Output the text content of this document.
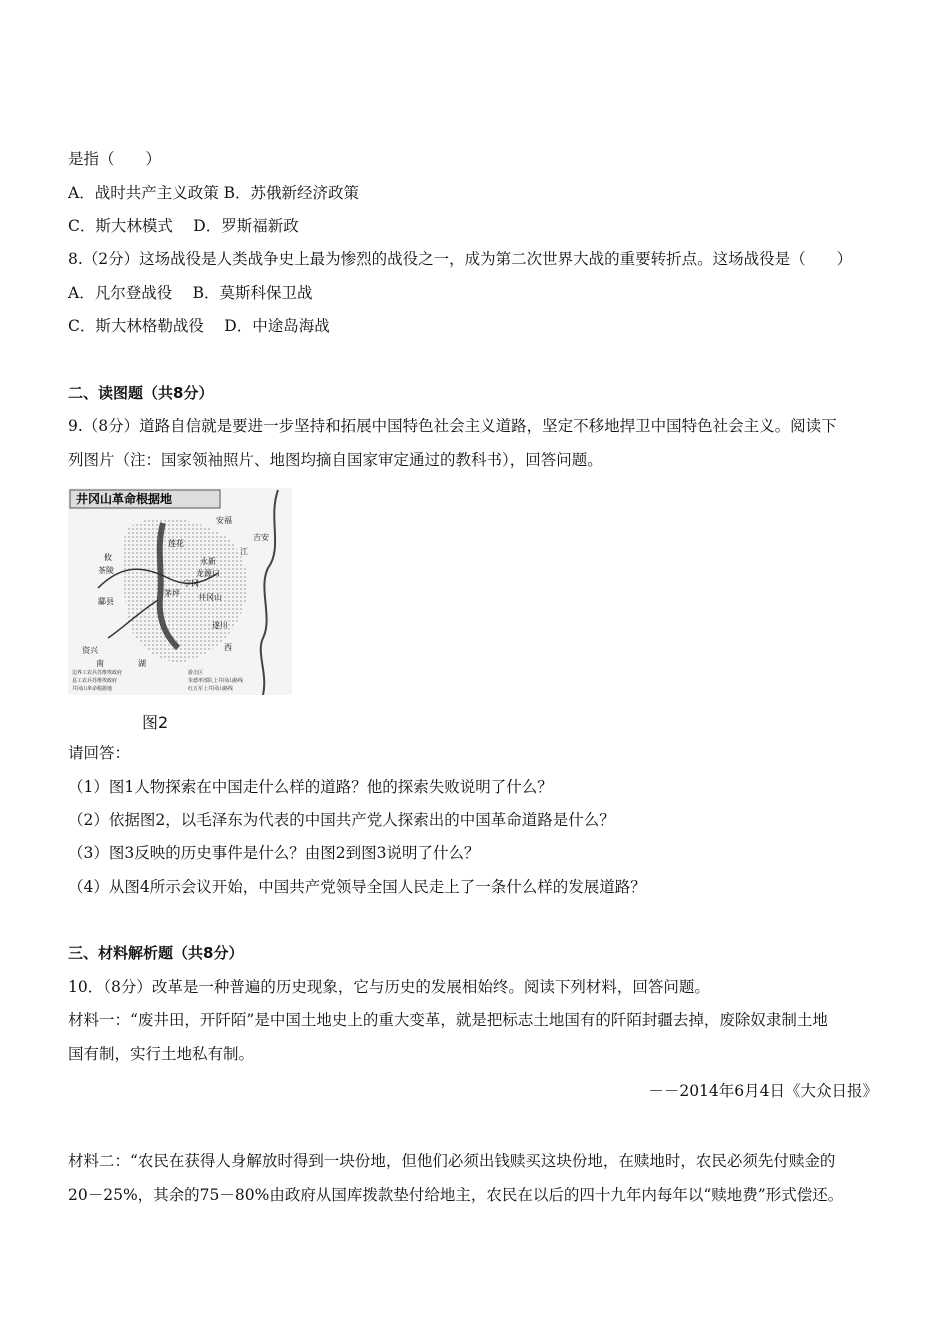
是指（　　）
A．战时共产主义政策 B．苏俄新经济政策
C．斯大林模式　 D．罗斯福新政
8.（2分）这场战役是人类战争史上最为惨烈的战役之一，成为第二次世界大战的重要转折点。这场战役是（　　）
A．凡尔登战役　 B．莫斯科保卫战
C．斯大林格勒战役　 D．中途岛海战
二、读图题（共8分）
9.（8分）道路自信就是要进一步坚持和拓展中国特色社会主义道路，坚定不移地捍卫中国特色社会主义。阅读下
列图片（注：国家领袖照片、地图均摘自国家审定通过的教科书），回答问题。
井冈山革命根据地
安福
吉安
莲花
永新
龙源口
宁冈
茅坪 井冈山
遂川
酃县
茶陵
攸
江
西
资兴
南	湖
边界工农兵苏维埃政府
县工农兵苏维埃政府
井冈山革命根据地
游击区
朱德率部队上井冈山路线
红五军上井冈山路线
图2
请回答：
（1）图1人物探索在中国走什么样的道路？他的探索失败说明了什么？
（2）依据图2，以毛泽东为代表的中国共产党人探索出的中国革命道路是什么？
（3）图3反映的历史事件是什么？由图2到图3说明了什么？
（4）从图4所示会议开始，中国共产党领导全国人民走上了一条什么样的发展道路？
三、材料解析题（共8分）
10．（8分）改革是一种普遍的历史现象，它与历史的发展相始终。阅读下列材料，回答问题。
材料一：“废井田，开阡陌”是中国土地史上的重大变革，就是把标志土地国有的阡陌封疆去掉，废除奴隶制土地
国有制，实行土地私有制。
－－2014年6月4日《大众日报》
材料二：“农民在获得人身解放时得到一块份地，但他们必须出钱赎买这块份地，在赎地时，农民必须先付赎金的
20－25%，其余的75－80%由政府从国库拨款垫付给地主，农民在以后的四十九年内每年以“赎地费”形式偿还。
